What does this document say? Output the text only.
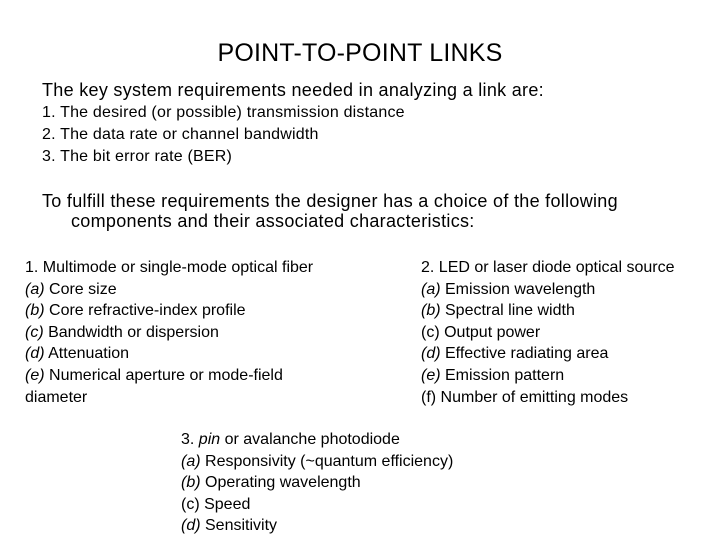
POINT-TO-POINT LINKS
The key system requirements needed in analyzing a link are:
1. The desired (or possible) transmission distance
2. The data rate or channel bandwidth
3. The bit error rate (BER)
To fulfill these requirements the designer has a choice of the following
components and their associated characteristics:
1. Multimode or single-mode optical fiber
(a) Core size
(b) Core refractive-index profile
(c) Bandwidth or dispersion
(d) Attenuation
(e) Numerical aperture or mode-field
diameter
2. LED or laser diode optical source
(a) Emission wavelength
(b) Spectral line width
(c) Output power
(d) Effective radiating area
(e) Emission pattern
(f) Number of emitting modes
3. pin or avalanche photodiode
(a) Responsivity (~quantum efficiency)
(b) Operating wavelength
(c) Speed
(d) Sensitivity
